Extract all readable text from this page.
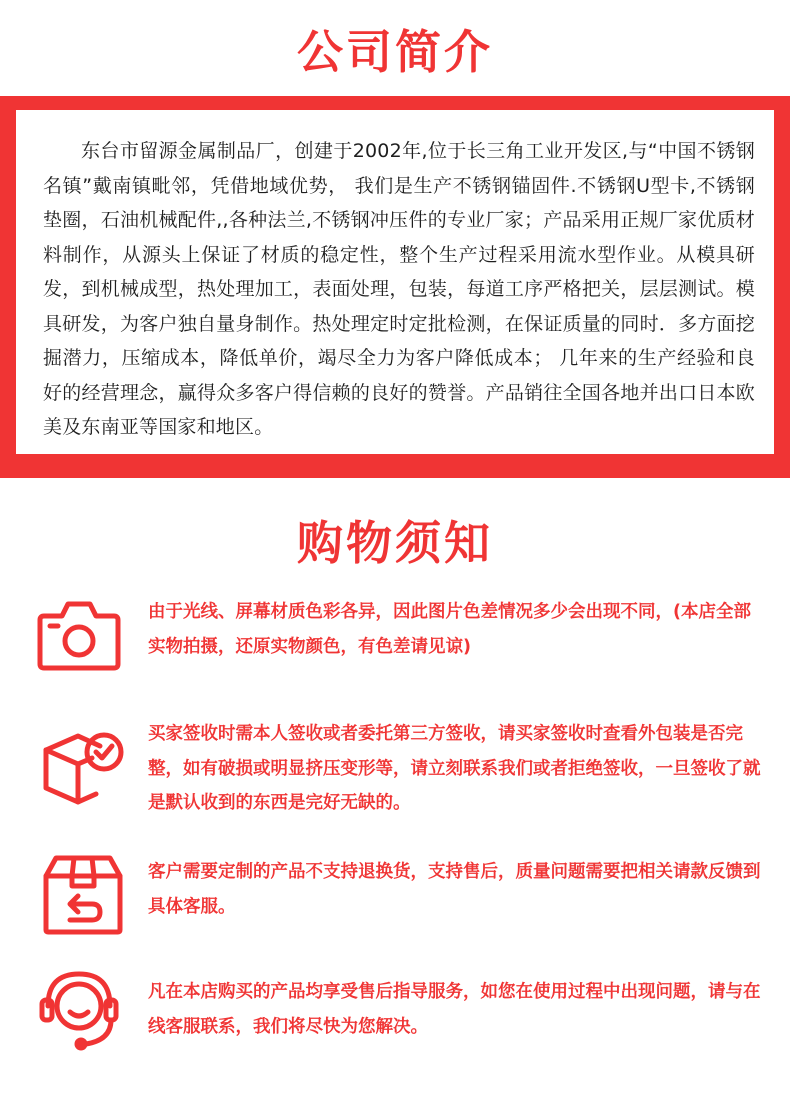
公司简介
东台市留源金属制品厂，创建于2002年,位于长三角工业开发区,与“中国不锈钢名镇”戴南镇毗邻，凭借地域优势， 我们是生产不锈钢锚固件.不锈钢U型卡,不锈钢垫圈，石油机械配件,,各种法兰,不锈钢冲压件的专业厂家；产品采用正规厂家优质材料制作，从源头上保证了材质的稳定性，整个生产过程采用流水型作业。从模具研发，到机械成型，热处理加工，表面处理，包装，每道工序严格把关，层层测试。模具研发，为客户独自量身制作。热处理定时定批检测，在保证质量的同时．多方面挖掘潜力，压缩成本，降低单价，竭尽全力为客户降低成本； 几年来的生产经验和良好的经营理念，赢得众多客户得信赖的良好的赞誉。产品销往全国各地并出口日本欧美及东南亚等国家和地区。
购物须知
由于光线、屏幕材质色彩各异，因此图片色差情况多少会出现不同，(本店全部实物拍摄，还原实物颜色，有色差请见谅)
买家签收时需本人签收或者委托第三方签收，请买家签收时查看外包装是否完整，如有破损或明显挤压变形等，请立刻联系我们或者拒绝签收，一旦签收了就是默认收到的东西是完好无缺的。
客户需要定制的产品不支持退换货，支持售后，质量问题需要把相关请款反馈到具体客服。
凡在本店购买的产品均享受售后指导服务，如您在使用过程中出现问题，请与在线客服联系，我们将尽快为您解决。
